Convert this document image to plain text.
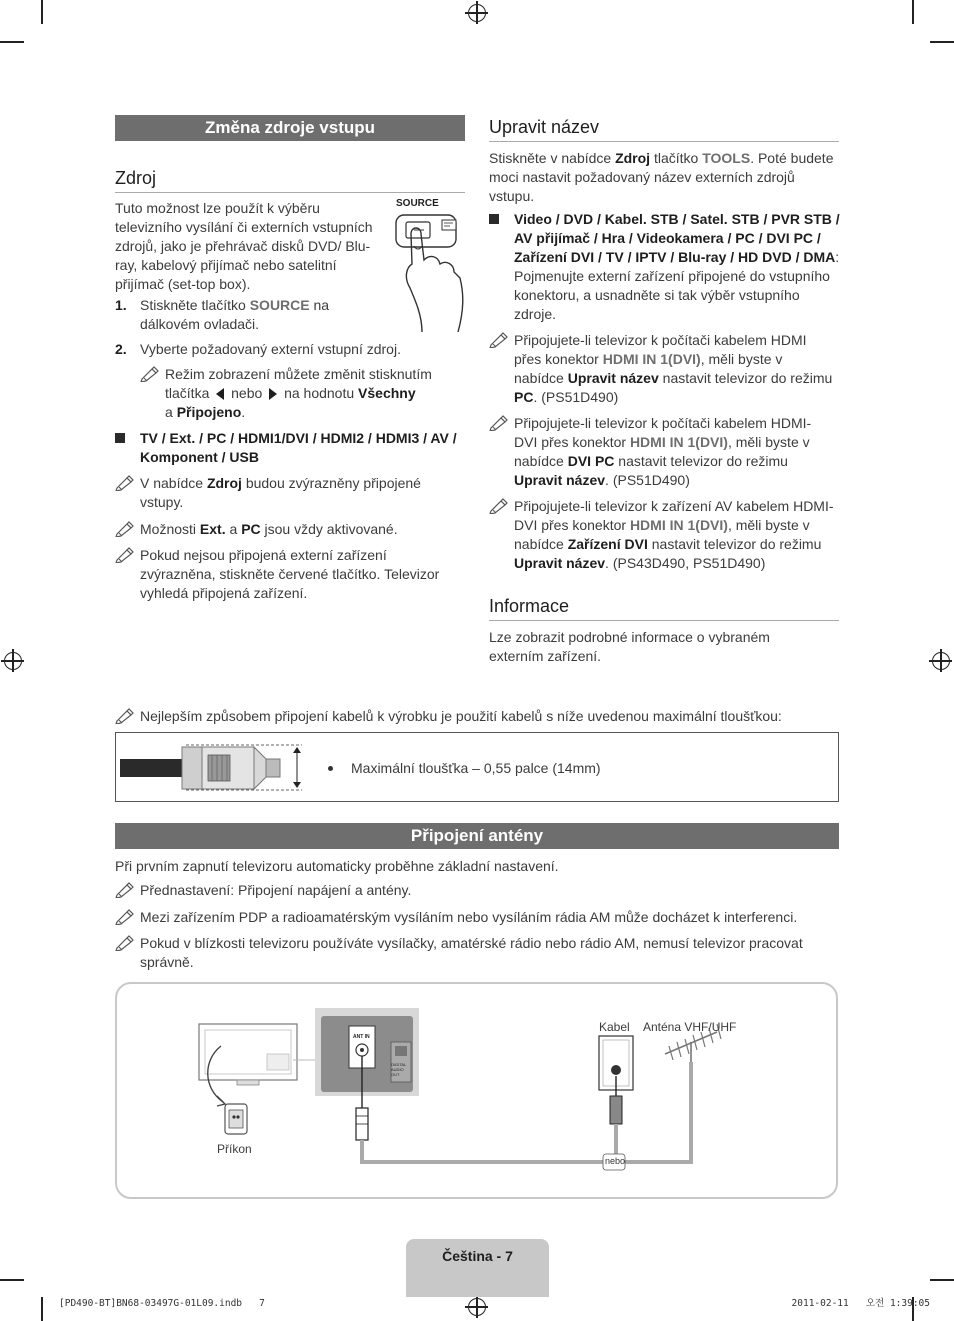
Změna zdroje vstupu
Zdroj
Tuto možnost lze použít k výběru televizního vysílání či externích vstupních zdrojů, jako je přehrávač disků DVD/ Blu-ray, kabelový přijímač nebo satelitní přijímač (set-top box).
SOURCE
1. Stiskněte tlačítko SOURCE na dálkovém ovladači.
2. Vyberte požadovaný externí vstupní zdroj.
Režim zobrazení můžete změnit stisknutím tlačítka  nebo  na hodnotu Všechny
a Připojeno.
TV / Ext. / PC / HDMI1/DVI / HDMI2 / HDMI3 / AV / Komponent / USB
V nabídce Zdroj budou zvýrazněny připojené vstupy.
Možnosti Ext. a PC jsou vždy aktivované.
Pokud nejsou připojená externí zařízení zvýrazněna, stiskněte červené tlačítko. Televizor vyhledá připojená zařízení.
Upravit název
Stiskněte v nabídce Zdroj tlačítko TOOLS. Poté budete moci nastavit požadovaný název externích zdrojů vstupu.
Video / DVD / Kabel. STB / Satel. STB / PVR STB / AV přijímač / Hra / Videokamera / PC / DVI PC / Zařízení DVI / TV / IPTV / Blu-ray / HD DVD / DMA: Pojmenujte externí zařízení připojené do vstupního konektoru, a usnadněte si tak výběr vstupního zdroje.
Připojujete-li televizor k počítači kabelem HDMI přes konektor HDMI IN 1(DVI), měli byste v nabídce Upravit název nastavit televizor do režimu PC. (PS51D490)
Připojujete-li televizor k počítači kabelem HDMI-DVI přes konektor HDMI IN 1(DVI), měli byste v nabídce DVI PC nastavit televizor do režimu Upravit název. (PS51D490)
Připojujete-li televizor k zařízení AV kabelem HDMI-DVI přes konektor HDMI IN 1(DVI), měli byste v nabídce Zařízení DVI nastavit televizor do režimu Upravit název. (PS43D490, PS51D490)
Informace
Lze zobrazit podrobné informace o vybraném externím zařízení.
Nejlepším způsobem připojení kabelů k výrobku je použití kabelů s níže uvedenou maximální tloušťkou:
Maximální tloušťka – 0,55 palce (14mm)
Připojení antény
Při prvním zapnutí televizoru automaticky proběhne základní nastavení.
Přednastavení: Připojení napájení a antény.
Mezi zařízením PDP a radioamatérským vysíláním nebo vysíláním rádia AM může docházet k interferenci.
Pokud v blízkosti televizoru používáte vysílačky, amatérské rádio nebo rádio AM, nemusí televizor pracovat správně.
ANT IN
DIGITAL AUDIO OUT
Kabel Anténa VHF/UHF
Příkon
nebo
Čeština - 7
[PD490-BT]BN68-03497G-01L09.indb   7	2011-02-11   오전 1:39:05
